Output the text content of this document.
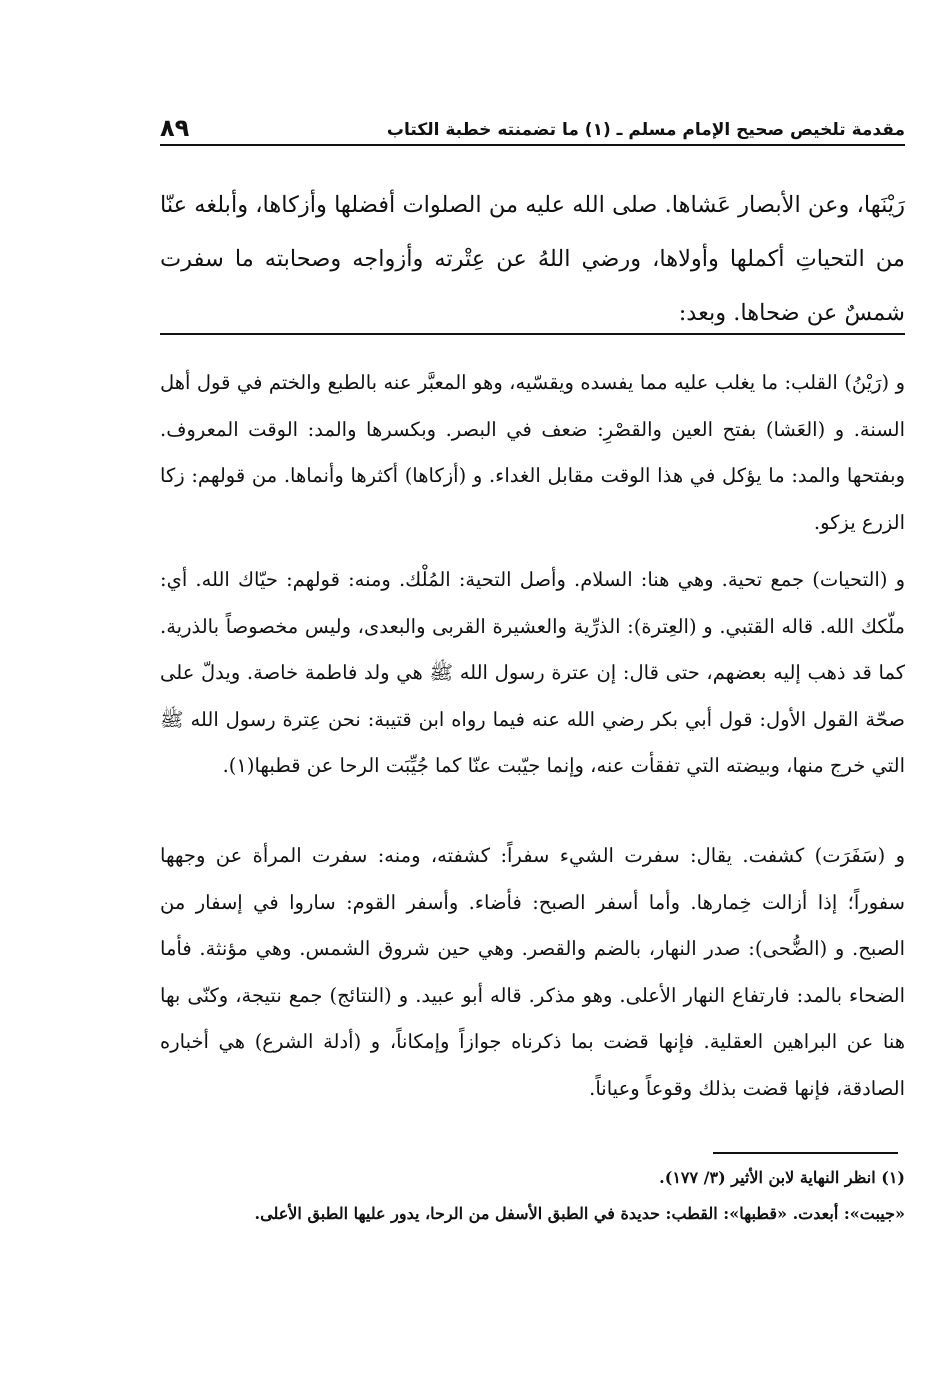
مقدمة تلخيص صحيح الإمام مسلم ـ (١) ما تضمنته خطبة الكتاب
٨٩

رَيْنَها، وعن الأبصار عَشاها. صلى الله عليه من الصلوات أفضلها وأزكاها، وأبلغه عنّا من التحياتِ أكملها وأولاها، ورضي اللهُ عن عِتْرته وأزواجه وصحابته ما سفرت شمسٌ عن ضحاها. وبعد:

و (رَيْنُ) القلب: ما يغلب عليه مما يفسده ويقسّيه، وهو المعبَّر عنه بالطبع والختم في قول أهل السنة. و (العَشا) بفتح العين والقصْرِ: ضعف في البصر. وبكسرها والمد: الوقت المعروف. وبفتحها والمد: ما يؤكل في هذا الوقت مقابل الغداء. و (أزكاها) أكثرها وأنماها. من قولهم: زكا الزرع يزكو.

و (التحيات) جمع تحية. وهي هنا: السلام. وأصل التحية: المُلْك. ومنه: قولهم: حيّاك الله. أي: ملّكك الله. قاله القتبي. و (العِترة): الذرِّية والعشيرة القربى والبعدى، وليس مخصوصاً بالذرية. كما قد ذهب إليه بعضهم، حتى قال: إن عترة رسول الله ﷺ هي ولد فاطمة خاصة. ويدلّ على صحّة القول الأول: قول أبي بكر رضي الله عنه فيما رواه ابن قتيبة: نحن عِترة رسول الله ﷺ التي خرج منها، وبيضته التي تفقأت عنه، وإنما جيّبت عنّا كما جُيِّبَت الرحا عن قطبها(١).

و (سَفَرَت) كشفت. يقال: سفرت الشيء سفراً: كشفته، ومنه: سفرت المرأة عن وجهها سفوراً؛ إذا أزالت خِمارها. وأما أسفر الصبح: فأضاء. وأسفر القوم: ساروا في إسفار من الصبح. و (الضُّحى): صدر النهار، بالضم والقصر. وهي حين شروق الشمس. وهي مؤنثة. فأما الضحاء بالمد: فارتفاع النهار الأعلى. وهو مذكر. قاله أبو عبيد. و (النتائج) جمع نتيجة، وكنّى بها هنا عن البراهين العقلية. فإنها قضت بما ذكرناه جوازاً وإمكاناً، و (أدلة الشرع) هي أخباره الصادقة، فإنها قضت بذلك وقوعاً وعياناً.

(١) انظر النهاية لابن الأثير (٣/ ١٧٧).

«جيبت»: أبعدت. «قطبها»: القطب: حديدة في الطبق الأسفل من الرحا، يدور عليها الطبق الأعلى.
